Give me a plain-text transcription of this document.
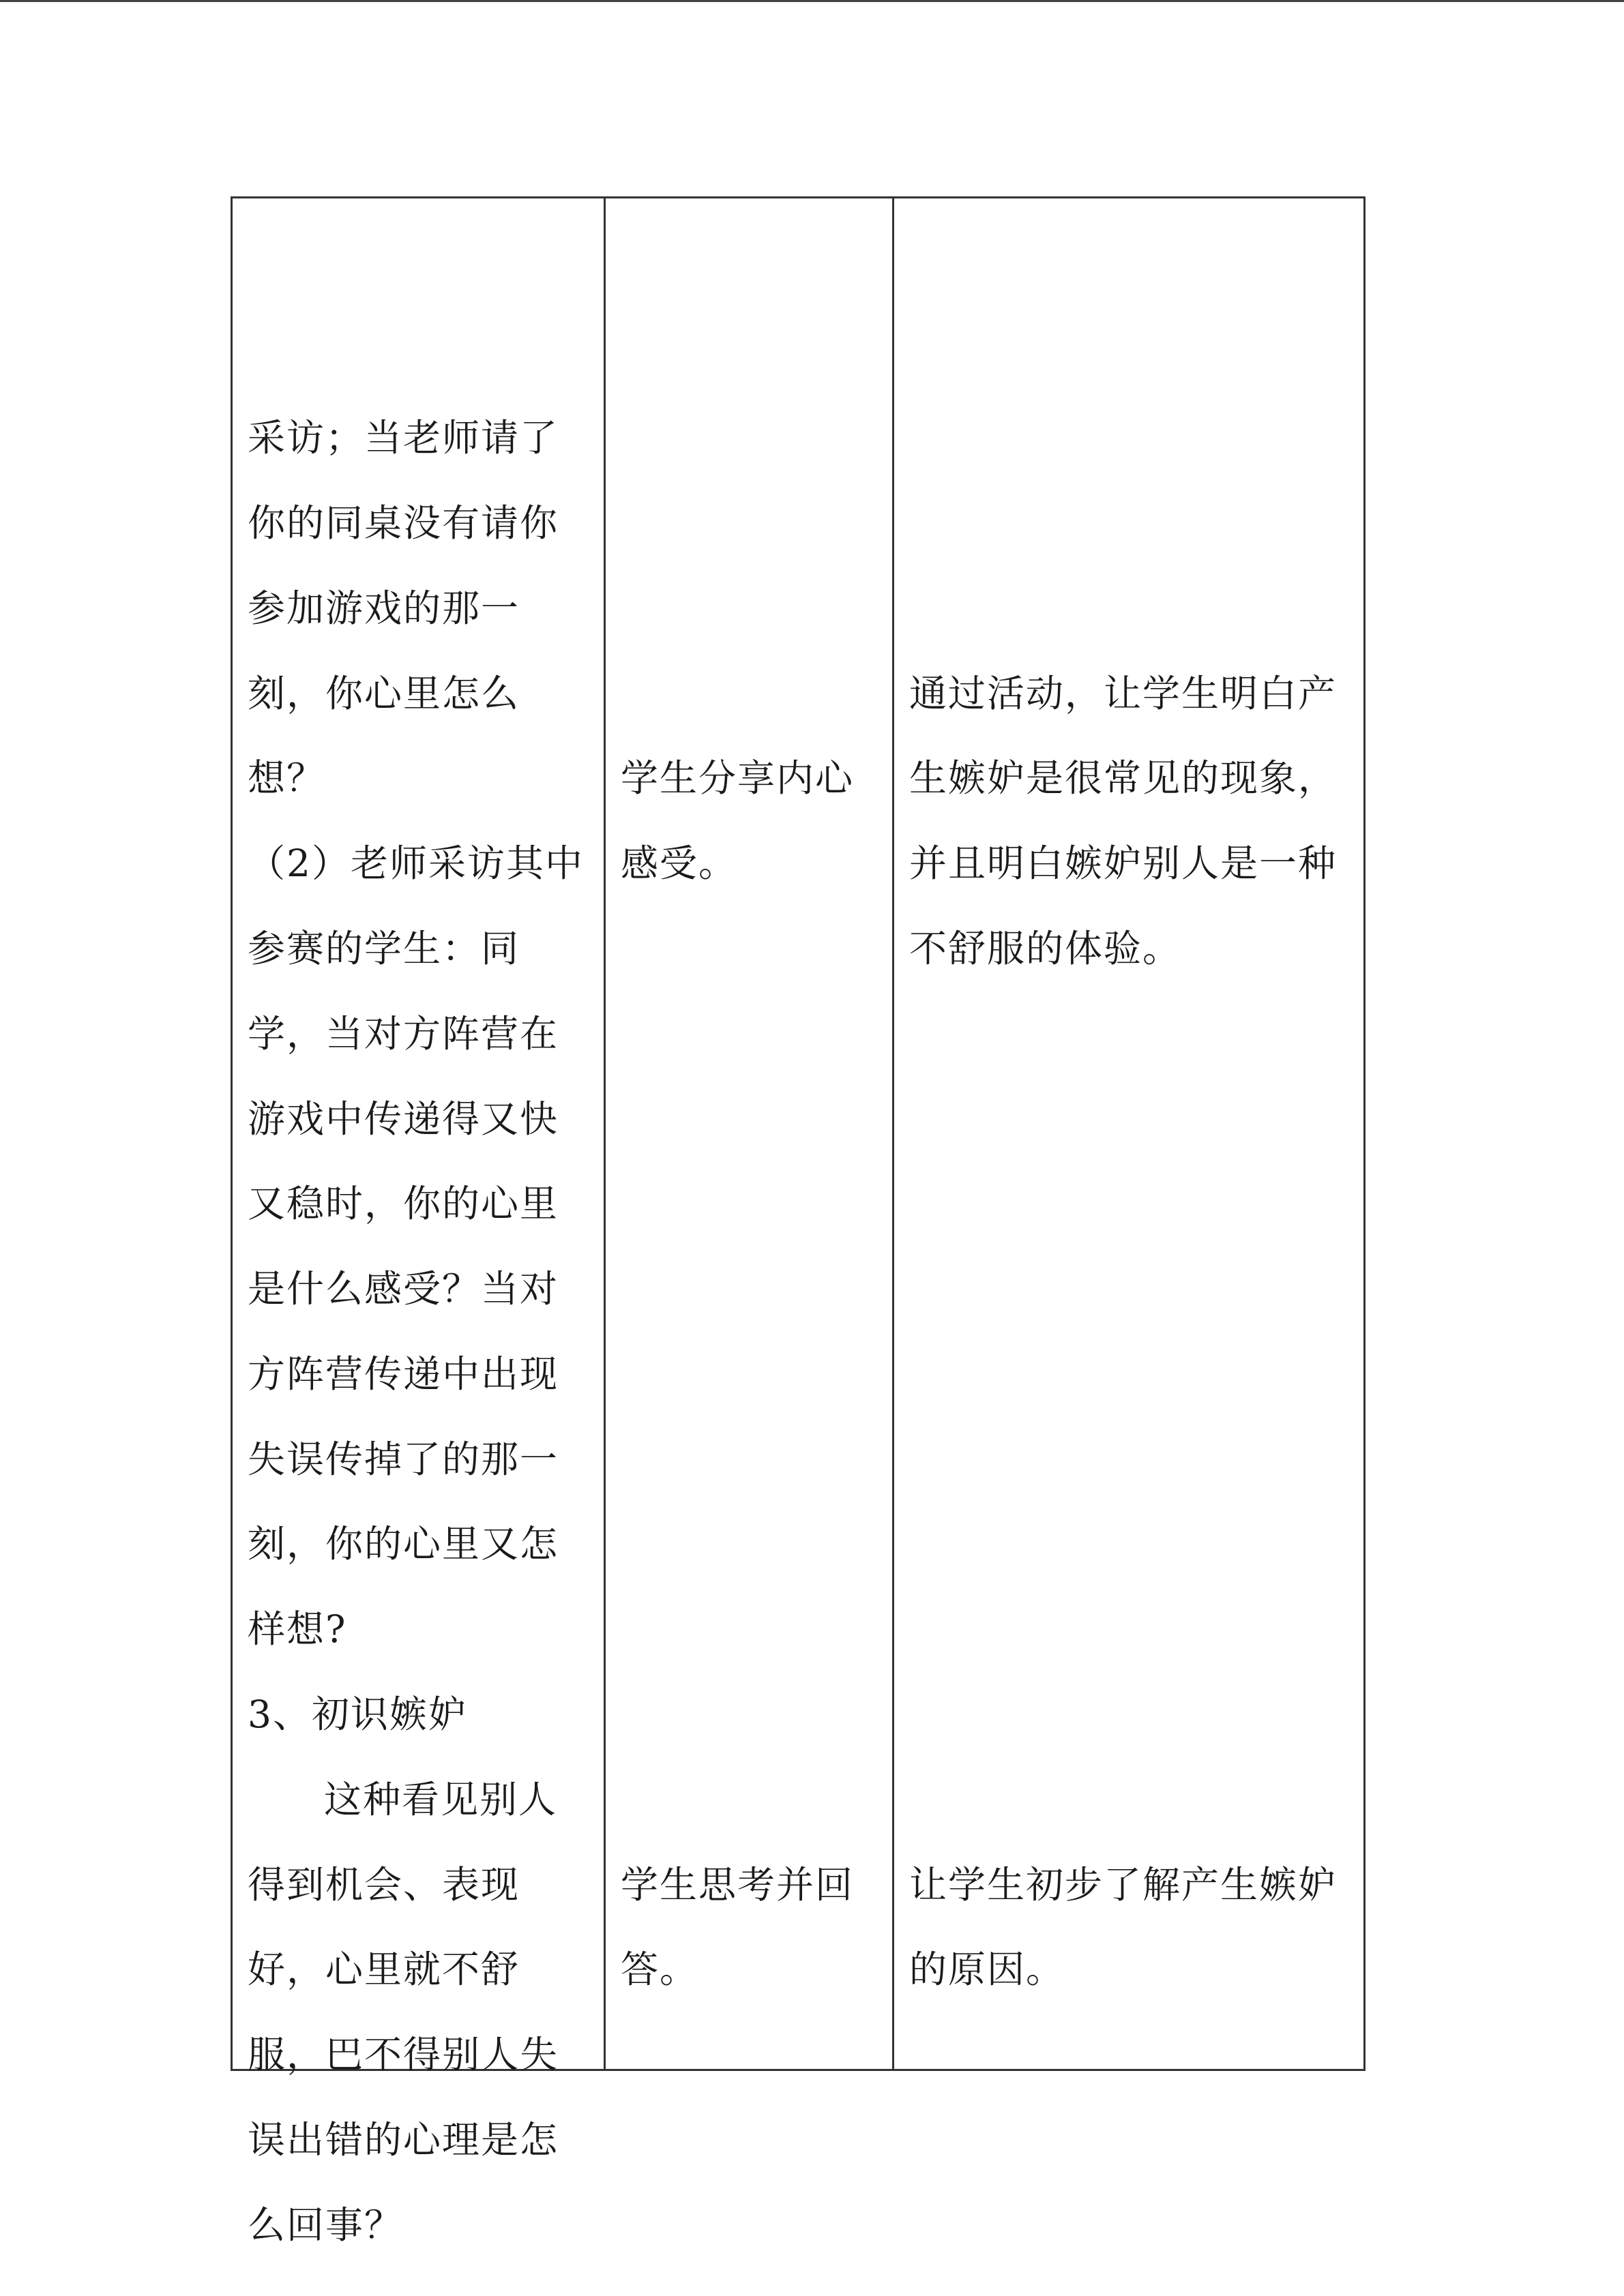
采访；当老师请了
你的同桌没有请你
参加游戏的那一
刻，你心里怎么
想？
（2）老师采访其中
参赛的学生：同
学，当对方阵营在
游戏中传递得又快
又稳时，你的心里
是什么感受？当对
方阵营传递中出现
失误传掉了的那一
刻，你的心里又怎
样想?
3、初识嫉妒
这种看见别人
得到机会、表现
好，心里就不舒
服，巴不得别人失
误出错的心理是怎
么回事？
学生分享内心
感受。
学生思考并回
答。
通过活动，让学生明白产
生嫉妒是很常见的现象，
并且明白嫉妒别人是一种
不舒服的体验。
让学生初步了解产生嫉妒
的原因。
